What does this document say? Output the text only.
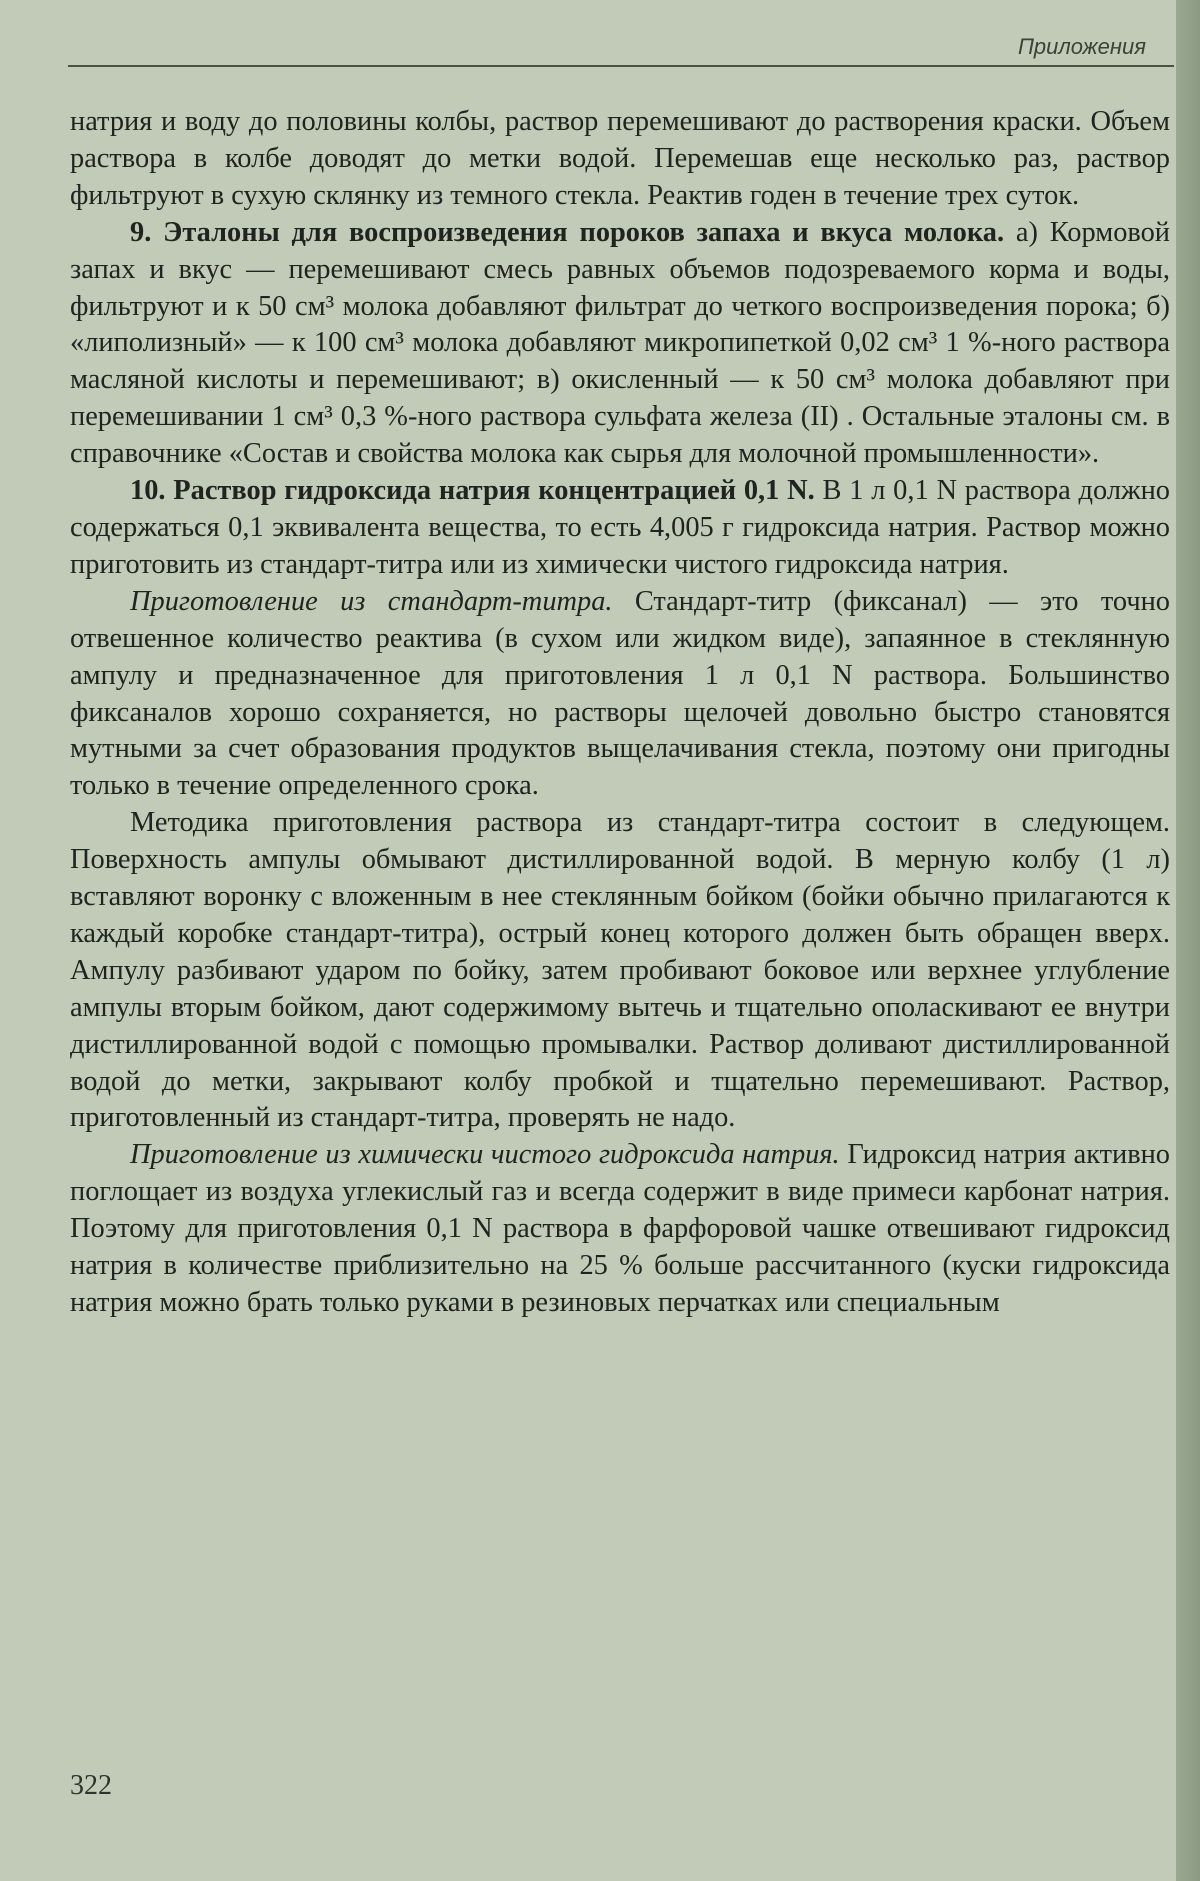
Приложения

натрия и воду до половины колбы, раствор перемешивают до растворения краски. Объем раствора в колбе доводят до метки водой. Перемешав еще несколько раз, раствор фильтруют в сухую склянку из темного стекла. Реактив годен в течение трех суток.

9. Эталоны для воспроизведения пороков запаха и вкуса молока. а) Кормовой запах и вкус — перемешивают смесь равных объемов подозреваемого корма и воды, фильтруют и к 50 см³ молока добавляют фильтрат до четкого воспроизведения порока; б) «липолизный» — к 100 см³ молока добавляют микропипеткой 0,02 см³ 1 %-ного раствора масляной кислоты и перемешивают; в) окисленный — к 50 см³ молока добавляют при перемешивании 1 см³ 0,3 %-ного раствора сульфата железа (II) . Остальные эталоны см. в справочнике «Состав и свойства молока как сырья для молочной промышленности».

10. Раствор гидроксида натрия концентрацией 0,1 N. В 1 л 0,1 N раствора должно содержаться 0,1 эквивалента вещества, то есть 4,005 г гидроксида натрия. Раствор можно приготовить из стандарт-титра или из химически чистого гидроксида натрия.

Приготовление из стандарт-титра. Стандарт-титр (фиксанал) — это точно отвешенное количество реактива (в сухом или жидком виде), запаянное в стеклянную ампулу и предназначенное для приготовления 1 л 0,1 N раствора. Большинство фиксаналов хорошо сохраняется, но растворы щелочей довольно быстро становятся мутными за счет образования продуктов выщелачивания стекла, поэтому они пригодны только в течение определенного срока.

Методика приготовления раствора из стандарт-титра состоит в следующем. Поверхность ампулы обмывают дистиллированной водой. В мерную колбу (1 л) вставляют воронку с вложенным в нее стеклянным бойком (бойки обычно прилагаются к каждый коробке стандарт-титра), острый конец которого должен быть обращен вверх. Ампулу разбивают ударом по бойку, затем пробивают боковое или верхнее углубление ампулы вторым бойком, дают содержимому вытечь и тщательно ополаскивают ее внутри дистиллированной водой с помощью промывалки. Раствор доливают дистиллированной водой до метки, закрывают колбу пробкой и тщательно перемешивают. Раствор, приготовленный из стандарт-титра, проверять не надо.

Приготовление из химически чистого гидроксида натрия. Гидроксид натрия активно поглощает из воздуха углекислый газ и всегда содержит в виде примеси карбонат натрия. Поэтому для приготовления 0,1 N раствора в фарфоровой чашке отвешивают гидроксид натрия в количестве приблизительно на 25 % больше рассчитанного (куски гидроксида натрия можно брать только руками в резиновых перчатках или специальным

322
